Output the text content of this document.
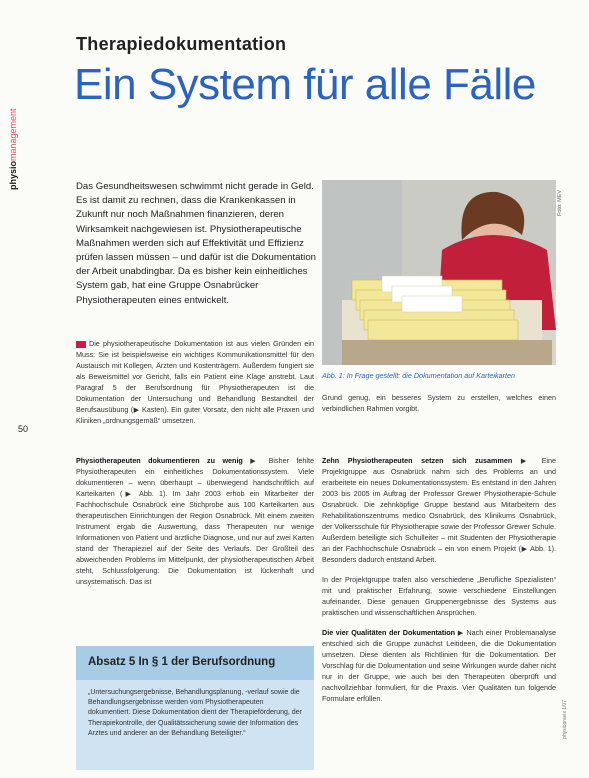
physiomanagement
Therapiedokumentation
Ein System für alle Fälle
Das Gesundheitswesen schwimmt nicht gerade in Geld. Es ist damit zu rechnen, dass die Krankenkassen in Zukunft nur noch Maßnahmen finanzieren, deren Wirksamkeit nachgewiesen ist. Physiotherapeutische Maßnahmen werden sich auf Effektivität und Effizienz prüfen lassen müssen – und dafür ist die Dokumentation der Arbeit unabdingbar. Da es bisher kein einheitliches System gab, hat eine Gruppe Osnabrücker Physiotherapeuten eines entwickelt.
Foto: MEV
Abb. 1: In Frage gestellt: die Dokumentation auf Karteikarten
50

Die physiotherapeutische Dokumentation ist aus vielen Gründen ein Muss: Sie ist beispielsweise ein wichtiges Kommunikationsmittel für den Austausch mit Kollegen, Ärzten und Kostenträgern. Außerdem fungiert sie als Beweismittel vor Gericht, falls ein Patient eine Klage anstrebt. Laut Paragraf 5 der Berufsordnung für Physiotherapeuten ist die Dokumentation der Untersuchung und Behandlung Bestandteil der Berufsausübung (▶ Kasten). Ein guter Vorsatz, den nicht alle Praxen und Kliniken „ordnungsgemäß“ umsetzen.

Grund genug, ein besseres System zu erstellen, welches einen verbindlichen Rahmen vorgibt.

Physiotherapeuten dokumentieren zu wenig ▶ Bisher fehlte Physiotherapeuten ein einheitliches Dokumentationssystem. Viele dokumentieren – wenn überhaupt – überwiegend handschriftlich auf Karteikarten (▶ Abb. 1). Im Jahr 2003 erhob ein Mitarbeiter der Fachhochschule Osnabrück eine Stichprobe aus 100 Karteikarten aus therapeutischen Einrichtungen der Region Osnabrück. Mit einem zweiten Instrument ergab die Auswertung, dass Therapeuten nur wenige Informationen von Patient und ärztliche Diagnose, und nur auf zwei Karten stand der Therapieziel auf der Seite des Verlaufs. Der Großteil des abweichenden Problems im Mittelpunkt, der physiotherapeutischen Arbeit steht, Schlussfolgerung: Die Dokumentation ist lückenhaft und unsystematisch. Das ist

Zehn Physiotherapeuten setzen sich zusammen ▶ Eine Projektgruppe aus Osnabrück nahm sich des Problems an und erarbeitete ein neues Dokumentationssystem. Es entstand in den Jahren 2003 bis 2005 im Auftrag der Professor Grewer Physiotherapie-Schule Osnabrück. Die zehnköpfige Gruppe bestand aus Mitarbeitern des Rehabilitationszentrums medico Osnabrück, des Klinikums Osnabrück, der Volkersschule für Physiotherapie sowie der Professor Grewer Schule. Außerdem beteiligte sich Schulleiter – mit Studenten der Physiotherapie an der Fachhochschule Osnabrück – ein von einem Projekt (▶ Abb. 1). Besonders dadurch entstand Arbeit.

In der Projektgruppe trafen also verschiedene „Berufliche Spezialisten“ mit und praktischer Erfahrung, sowie verschiedene Einstellungen aufeinander. Diese genauen Gruppenergebnisse des Systems aus praktischen und wissenschaftlichen Ansprüchen.

Die vier Qualitäten der Dokumentation ▶ Nach einer Problemanalyse entschied sich die Gruppe zunächst Leitideen, die die Dokumentation umsetzen. Diese dienten als Richtlinien für die Dokumentation. Der Vorschlag für die Dokumentation und seine Wirkungen wurde daher nicht nur in der Gruppe, wie auch bei den Therapeuten überprüft und nachvollziehbar formuliert, für die Praxis. Vier Qualitäten tun folgende Formulare erfüllen.

Absatz 5 In § 1 der Berufsordnung
„Untersuchungsergebnisse, Behandlungsplanung, -verlauf sowie die Behandlungsergebnisse werden vom Physiotherapeuten dokumentiert. Diese Dokumentation dient der Therapieförderung, der Therapiekontrolle, der Qualitätssicherung sowie der Information des Arztes und anderer an der Behandlung Beteiligter.“	physiopraxis 1/07
